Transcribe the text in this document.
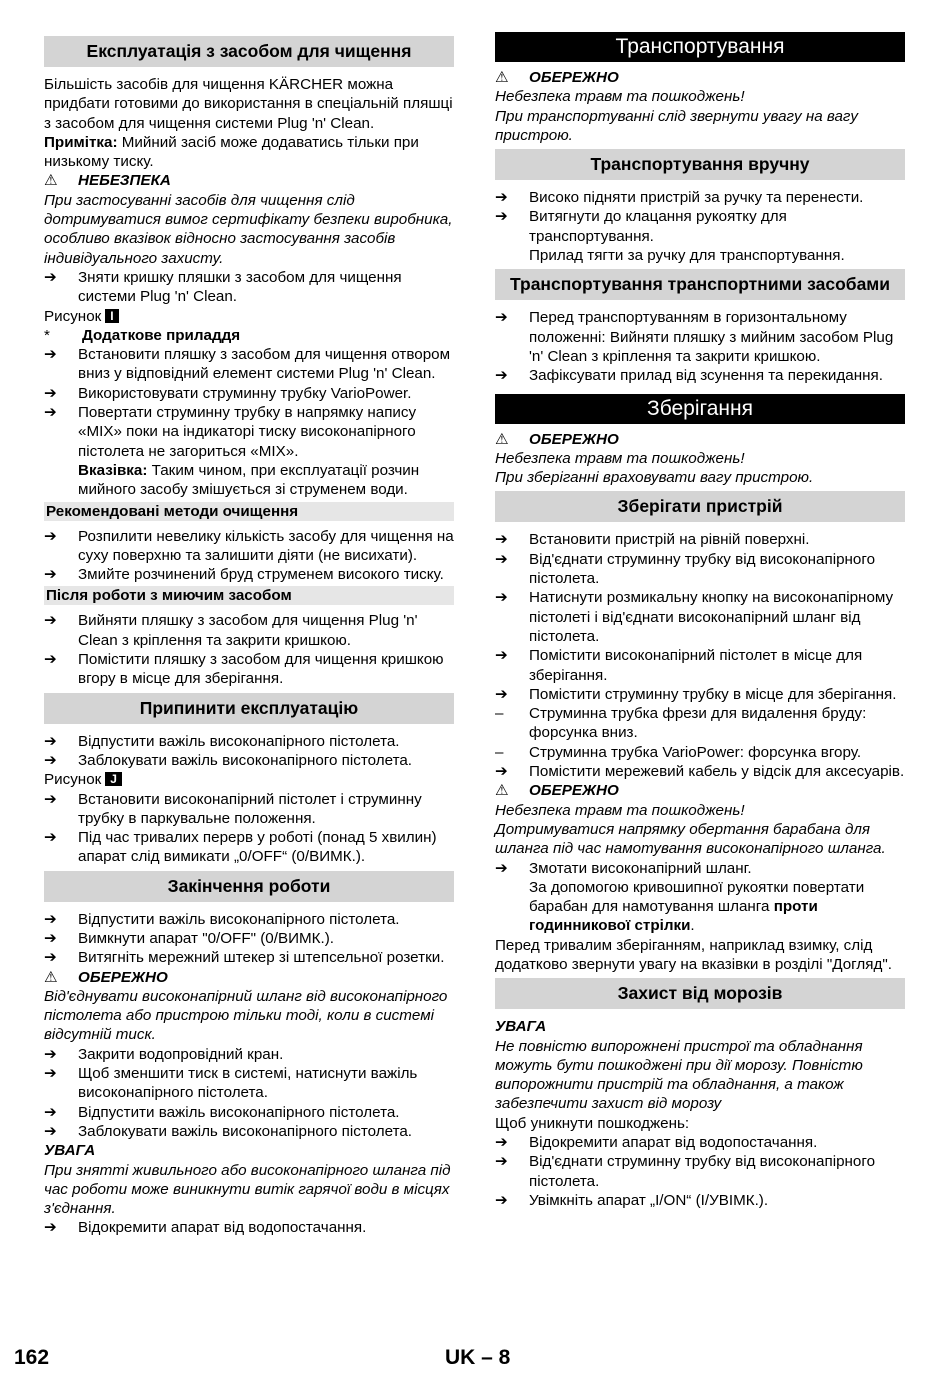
Експлуатація з засобом для чищення

Більшість засобів для чищення KÄRCHER можна придбати готовими до використання в спеціальній пляшці з засобом для чищення системи Plug 'n' Clean.

Примітка: Мийний засіб може додаватись тільки при низькому тиску.

⚠ НЕБЕЗПЕКА

При застосуванні засобів для чищення слід дотримуватися вимог сертифікату безпеки виробника, особливо вказівок відносно застосування засобів індивідуального захисту.

➔	Зняти кришку пляшки з засобом для чищення системи Plug 'n' Clean.

Рисунок I

*	Додаткове приладдя
➔	Встановити пляшку з засобом для чищення отвором вниз у відповідний елемент системи Plug 'n' Clean.
➔	Використовувати струминну трубку VarioPower.
➔	Повертати струминну трубку в напрямку напису «MIX» поки на індикаторі тиску високонапірного пістолета не загориться «MIX».

Вказівка: Таким чином, при експлуатації розчин мийного засобу змішується зі струменем води.

Рекомендовані методи очищення
➔	Розпилити невелику кількість засобу для чищення на суху поверхню та залишити діяти (не висихати).
➔	Змийте розчинений бруд струменем високого тиску.
Після роботи з миючим засобом
➔	Вийняти пляшку з засобом для чищення Plug 'n' Clean з кріплення та закрити кришкою.
➔	Помістити пляшку з засобом для чищення кришкою вгору в місце для зберігання.
Припинити експлуатацію
➔	Відпустити важіль високонапірного пістолета.
➔	Заблокувати важіль високонапірного пістолета.

Рисунок J

➔	Встановити високонапірний пістолет і струминну трубку в паркувальне положення.
➔	Під час тривалих перерв у роботі (понад 5 хвилин) апарат слід вимикати „0/OFF“ (0/ВИМК.).
Закінчення роботи
➔	Відпустити важіль високонапірного пістолета.
➔	Вимкнути апарат "0/OFF" (0/ВИМК.).
➔	Витягніть мережний штекер зі штепсельної розетки.

⚠ ОБЕРЕЖНО

Від'єднувати високонапірний шланг від високонапірного пістолета або пристрою тільки тоді, коли в системі відсутній тиск.

➔	Закрити водопровідний кран.
➔	Щоб зменшити тиск в системі, натиснути важіль високонапірного пістолета.
➔	Відпустити важіль високонапірного пістолета.
➔	Заблокувати важіль високонапірного пістолета.

УВАГА

При знятті живильного або високонапірного шланга під час роботи може виникнути витік гарячої води в місцях з'єднання.

➔	Відокремити апарат від водопостачання.
Транспортування

⚠ ОБЕРЕЖНО

Небезпека травм та пошкоджень!

При транспортуванні слід звернути увагу на вагу пристрою.

Транспортування вручну
➔	Високо підняти пристрій за ручку та перенести.
➔	Витягнути до клацання рукоятку для транспортування.

Прилад тягти за ручку для транспортування.

Транспортування транспортними засобами
➔	Перед транспортуванням в горизонтальному положенні: Вийняти пляшку з мийним засобом Plug 'n' Clean з кріплення та закрити кришкою.
➔	Зафіксувати прилад від зсунення та перекидання.
Зберігання

⚠ ОБЕРЕЖНО

Небезпека травм та пошкоджень!

При зберіганні враховувати вагу пристрою.

Зберігати пристрій
➔	Встановити пристрій на рівній поверхні.
➔	Від'єднати струминну трубку від високонапірного пістолета.
➔	Натиснути розмикальну кнопку на високонапірному пістолеті і від'єднати високонапірний шланг від пістолета.
➔	Помістити високонапірний пістолет в місце для зберігання.
➔	Помістити струминну трубку в місце для зберігання.
–	Струминна трубка фрези для видалення бруду: форсунка вниз.
–	Струминна трубка VarioPower: форсунка вгору.
➔	Помістити мережевий кабель у відсік для аксесуарів.

⚠ ОБЕРЕЖНО

Небезпека травм та пошкоджень!

Дотримуватися напрямку обертання барабана для шланга під час намотування високонапірного шланга.

➔	Змотати високонапірний шланг.

За допомогою кривошипної рукоятки повертати барабан для намотування шланга проти годинникової стрілки.

Перед тривалим зберіганням, наприклад взимку, слід додатково звернути увагу на вказівки в розділі "Догляд".

Захист від морозів

УВАГА

Не повністю випорожнені пристрої та обладнання можуть бути пошкоджені при дії морозу. Повністю випорожнити пристрій та обладнання, а також забезпечити захист від морозу

Щоб уникнути пошкоджень:

➔	Відокремити апарат від водопостачання.
➔	Від'єднати струминну трубку від високонапірного пістолета.
➔	Увімкніть апарат „I/ON“ (I/УВІМК.).
162	UK – 8
